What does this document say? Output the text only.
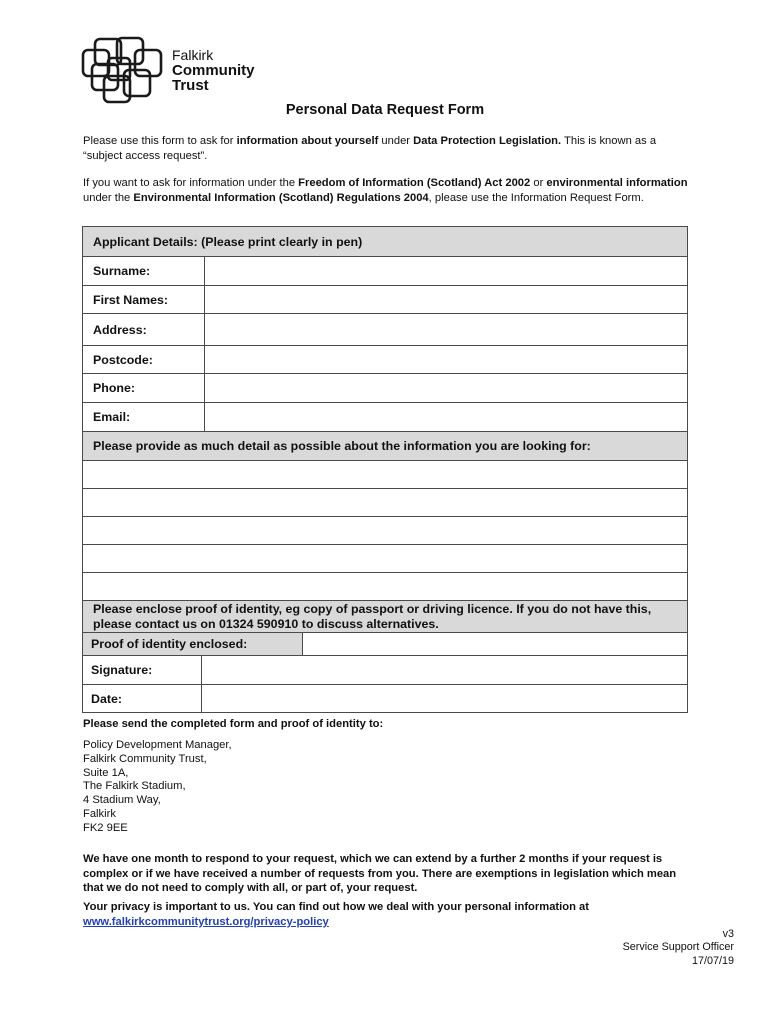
Falkirk
Community
Trust
Personal Data Request Form
Please use this form to ask for information about yourself under Data Protection Legislation. This is known as a “subject access request”.
If you want to ask for information under the Freedom of Information (Scotland) Act 2002 or environmental information under the Environmental Information (Scotland) Regulations 2004, please use the Information Request Form.
Applicant Details: (Please print clearly in pen)
Surname:
First Names:
Address:
Postcode:
Phone:
Email:
Please provide as much detail as possible about the information you are looking for:
Please enclose proof of identity, eg copy of passport or driving licence. If you do not have this, please contact us on 01324 590910 to discuss alternatives.
Proof of identity enclosed:
Signature:
Date:
Please send the completed form and proof of identity to:
Policy Development Manager,
Falkirk Community Trust,
Suite 1A,
The Falkirk Stadium,
4 Stadium Way,
Falkirk
FK2 9EE
We have one month to respond to your request, which we can extend by a further 2 months if your request is complex or if we have received a number of requests from you. There are exemptions in legislation which mean that we do not need to comply with all, or part of, your request.
Your privacy is important to us. You can find out how we deal with your personal information at
www.falkirkcommunitytrust.org/privacy-policy
v3
Service Support Officer
17/07/19
